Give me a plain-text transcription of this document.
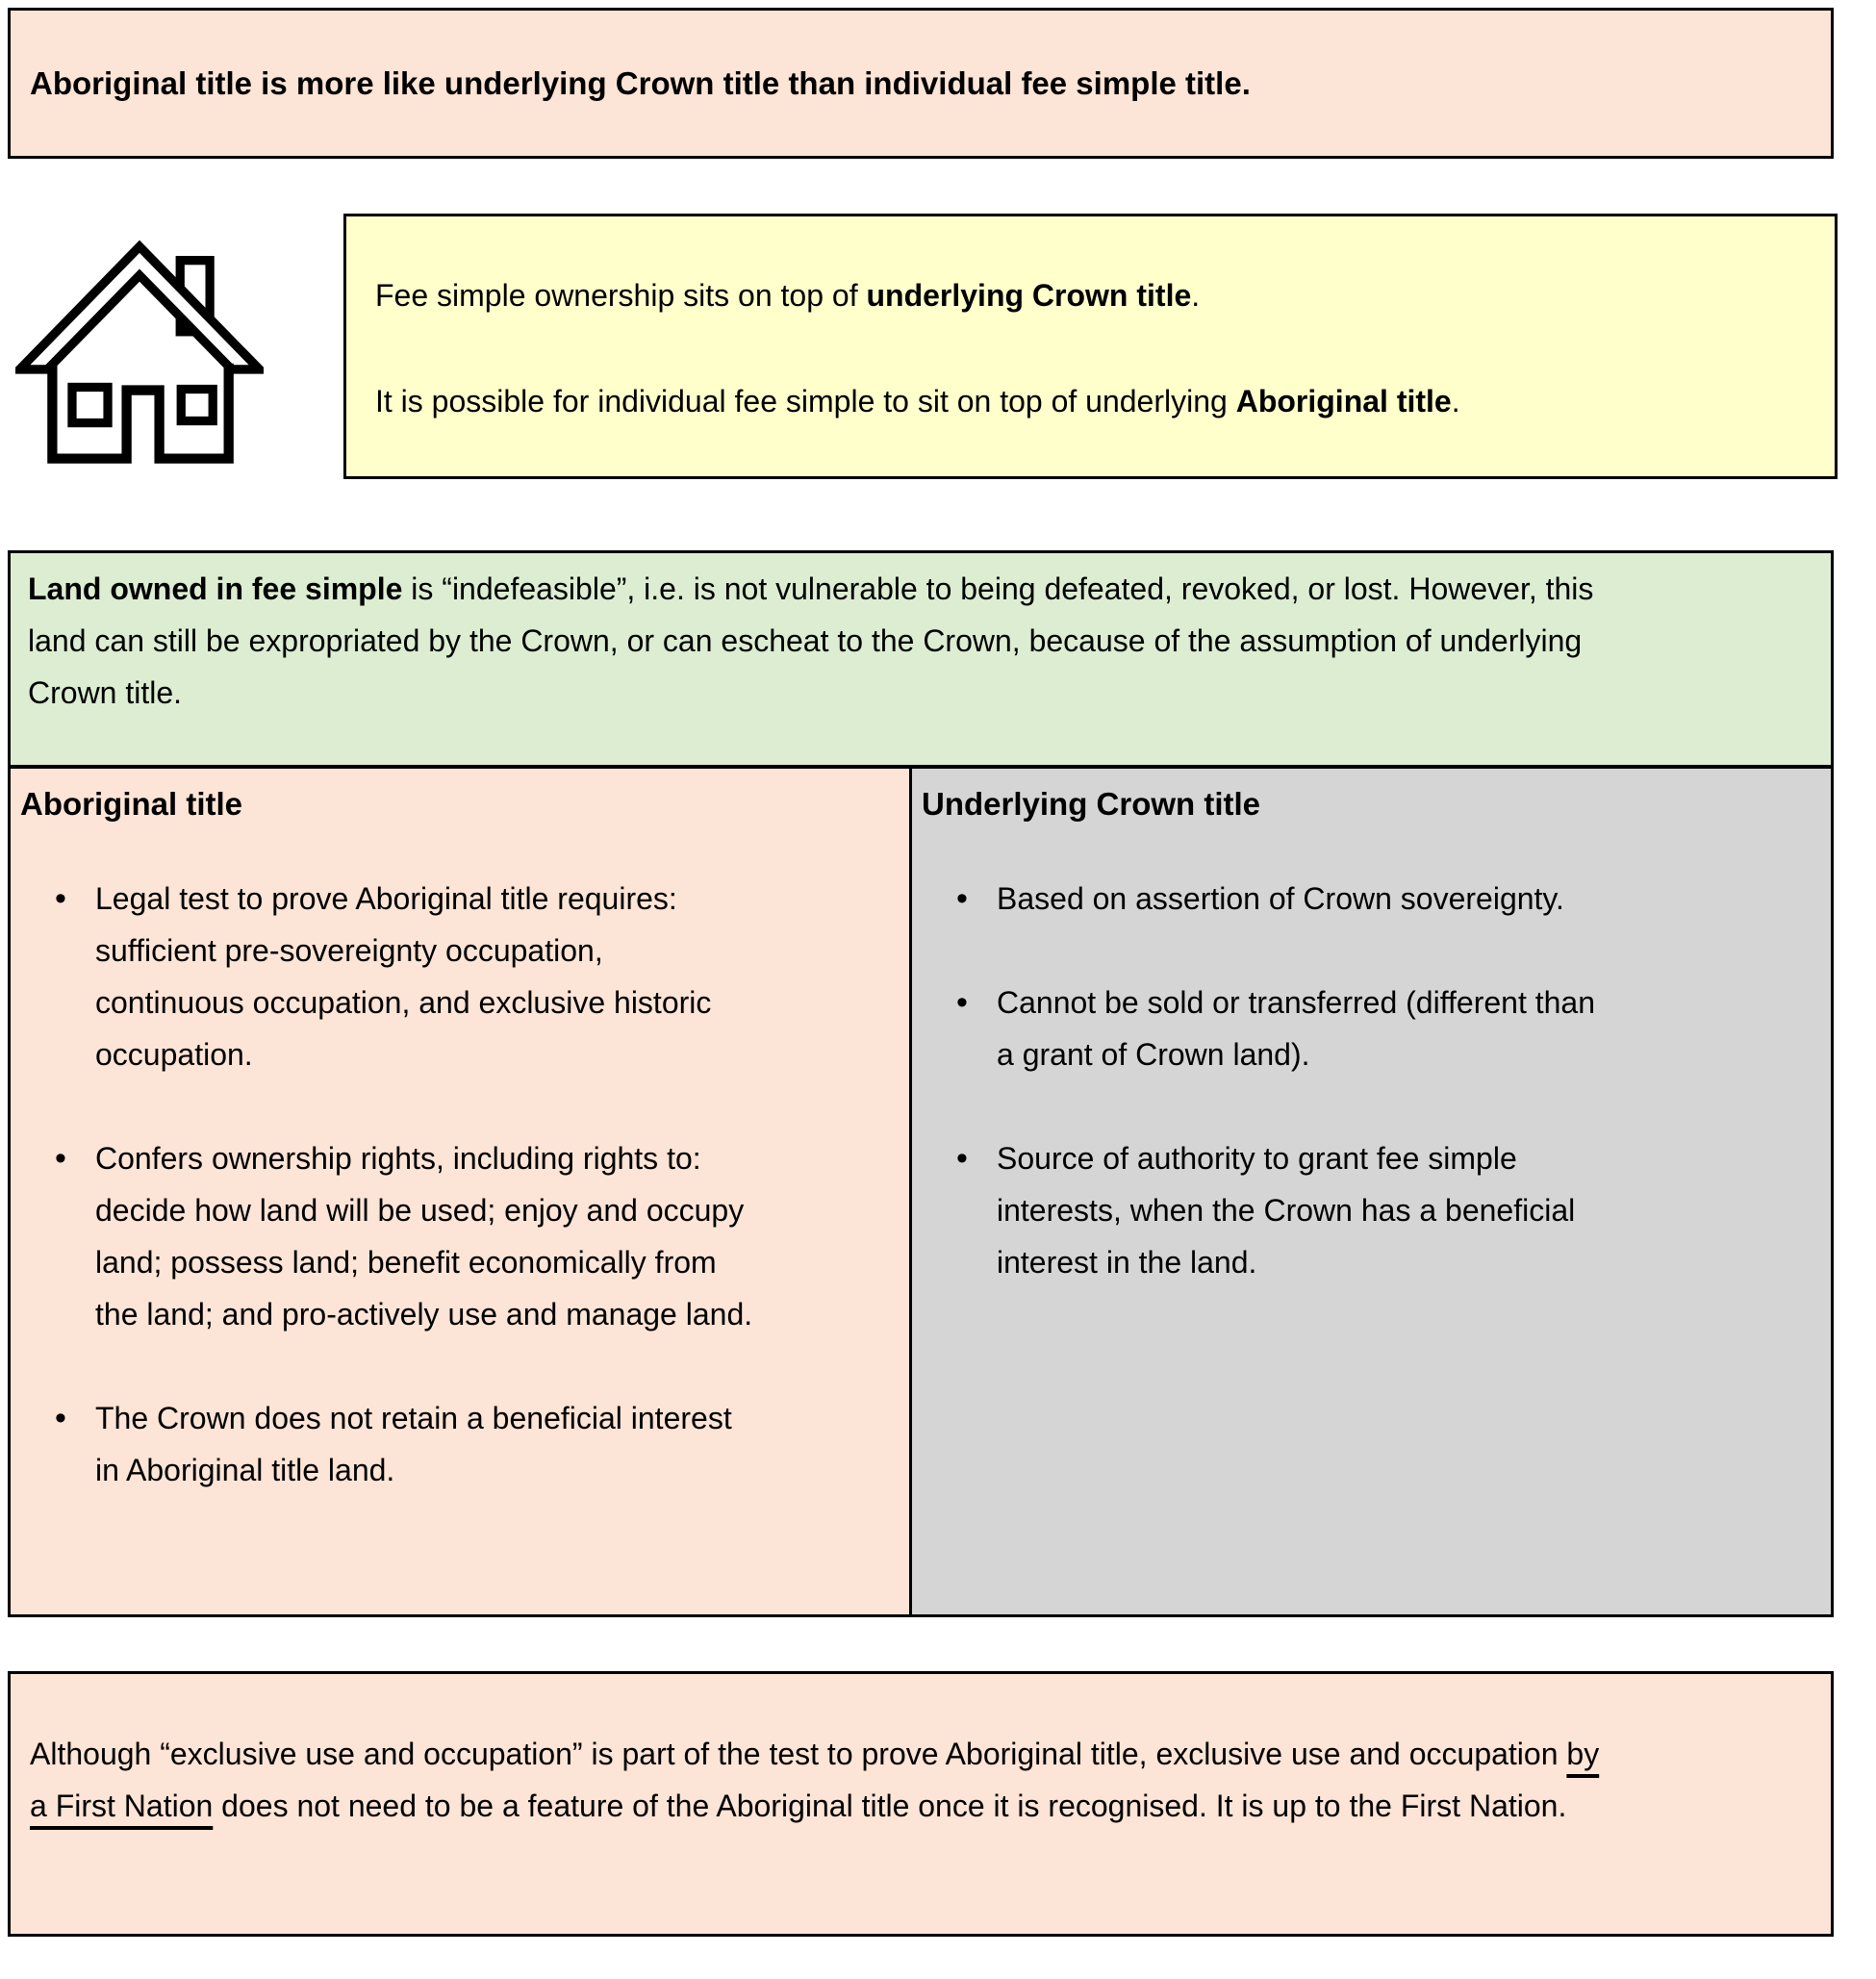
Aboriginal title is more like underlying Crown title than individual fee simple title.

Fee simple ownership sits on top of underlying Crown title.

It is possible for individual fee simple to sit on top of underlying Aboriginal title.

Land owned in fee simple is “indefeasible”, i.e. is not vulnerable to being defeated, revoked, or lost. However, this land can still be expropriated by the Crown, or can escheat to the Crown, because of the assumption of underlying Crown title.
Aboriginal title
• Legal test to prove Aboriginal title requires: sufficient pre-sovereignty occupation, continuous occupation, and exclusive historic occupation.
• Confers ownership rights, including rights to: decide how land will be used; enjoy and occupy land; possess land; benefit economically from the land; and pro-actively use and manage land.
• The Crown does not retain a beneficial interest in Aboriginal title land.
Underlying Crown title
• Based on assertion of Crown sovereignty.
• Cannot be sold or transferred (different than a grant of Crown land).
• Source of authority to grant fee simple interests, when the Crown has a beneficial interest in the land.
Although “exclusive use and occupation” is part of the test to prove Aboriginal title, exclusive use and occupation by a First Nation does not need to be a feature of the Aboriginal title once it is recognised. It is up to the First Nation.
